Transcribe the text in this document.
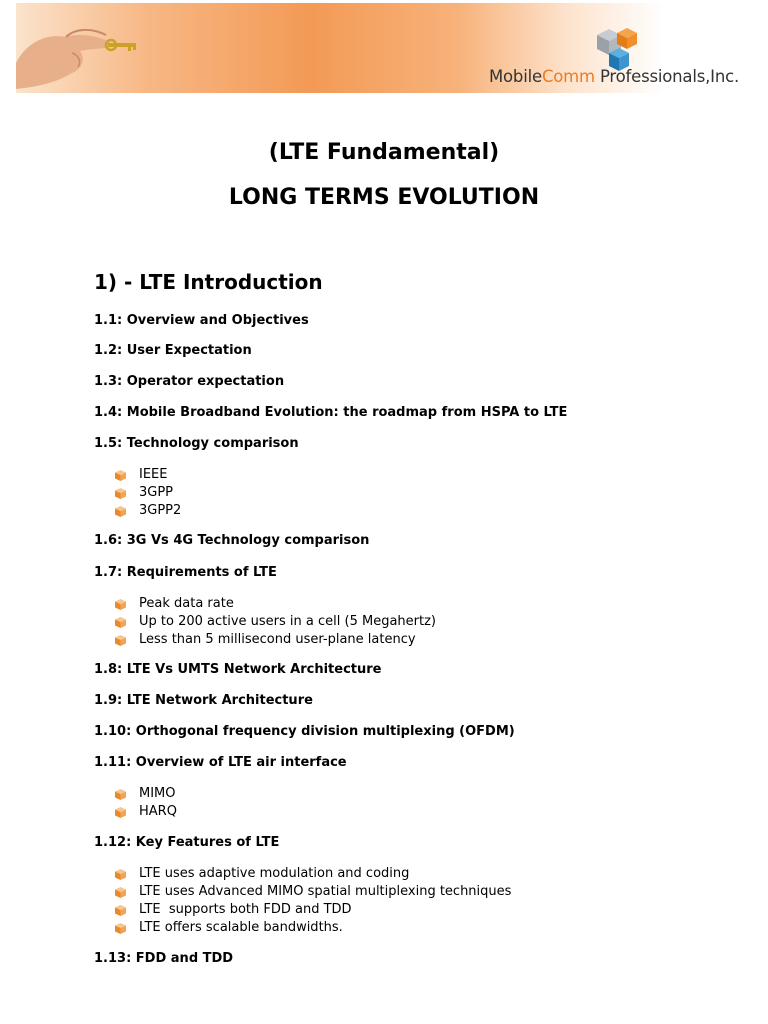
MobileComm Professionals,Inc.
(LTE Fundamental)
LONG TERMS EVOLUTION
1) - LTE Introduction
1.1: Overview and Objectives
1.2: User Expectation
1.3: Operator expectation
1.4: Mobile Broadband Evolution: the roadmap from HSPA to LTE
1.5: Technology comparison
IEEE
3GPP
3GPP2
1.6: 3G Vs 4G Technology comparison
1.7: Requirements of LTE
Peak data rate
Up to 200 active users in a cell (5 Megahertz)
Less than 5 millisecond user-plane latency
1.8: LTE Vs UMTS Network Architecture
1.9: LTE Network Architecture
1.10: Orthogonal frequency division multiplexing (OFDM)
1.11: Overview of LTE air interface
MIMO
HARQ
1.12: Key Features of LTE
LTE uses adaptive modulation and coding
LTE uses Advanced MIMO spatial multiplexing techniques
LTE  supports both FDD and TDD
LTE offers scalable bandwidths.
1.13: FDD and TDD
